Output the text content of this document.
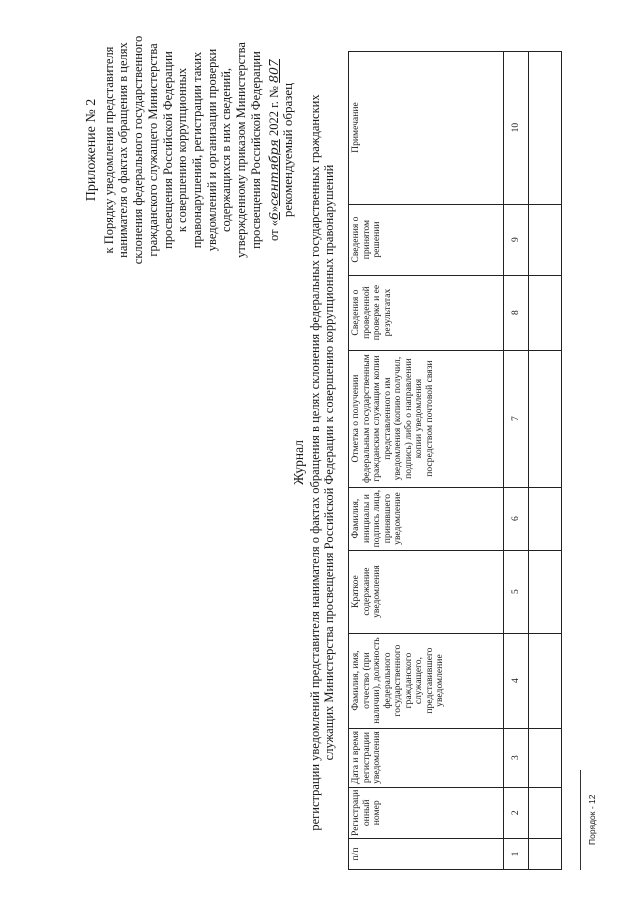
Приложение № 2 к Порядку уведомления представителя нанимателя о фактах обращения в целях склонения федерального государственного гражданского служащего Министерства просвещения Российской Федерации к совершению коррупционных правонарушений, регистрации таких уведомлений и организации проверки содержащихся в них сведений, утвержденному приказом Министерства просвещения Российской Федерации от «6»сентября 2022 г. № 807
рекомендуемый образец
Журнал регистрации уведомлений представителя нанимателя о фактах обращения в целях склонения федеральных государственных гражданских служащих Министерства просвещения Российской Федерации к совершению коррупционных правонарушений
п/п	Регистраци онный номер	Дата и время регистрации уведомления	Фамилия, имя, отчество (при наличии), должность федерального государственного гражданского служащего, представившего уведомление	Краткое содержание уведомления	Фамилия, инициалы и подпись лица, принявшего уведомление	Отметка о получении федеральным государственным гражданским служащим копии представленного им уведомления (копию получил, подпись) либо о направлении копии уведомления посредством почтовой связи	Сведения о проведенной проверке и ее результатах	Сведения о принятом решении	Примечание
1	2	3	4	5	6	7	8	9	10

Порядок - 12
